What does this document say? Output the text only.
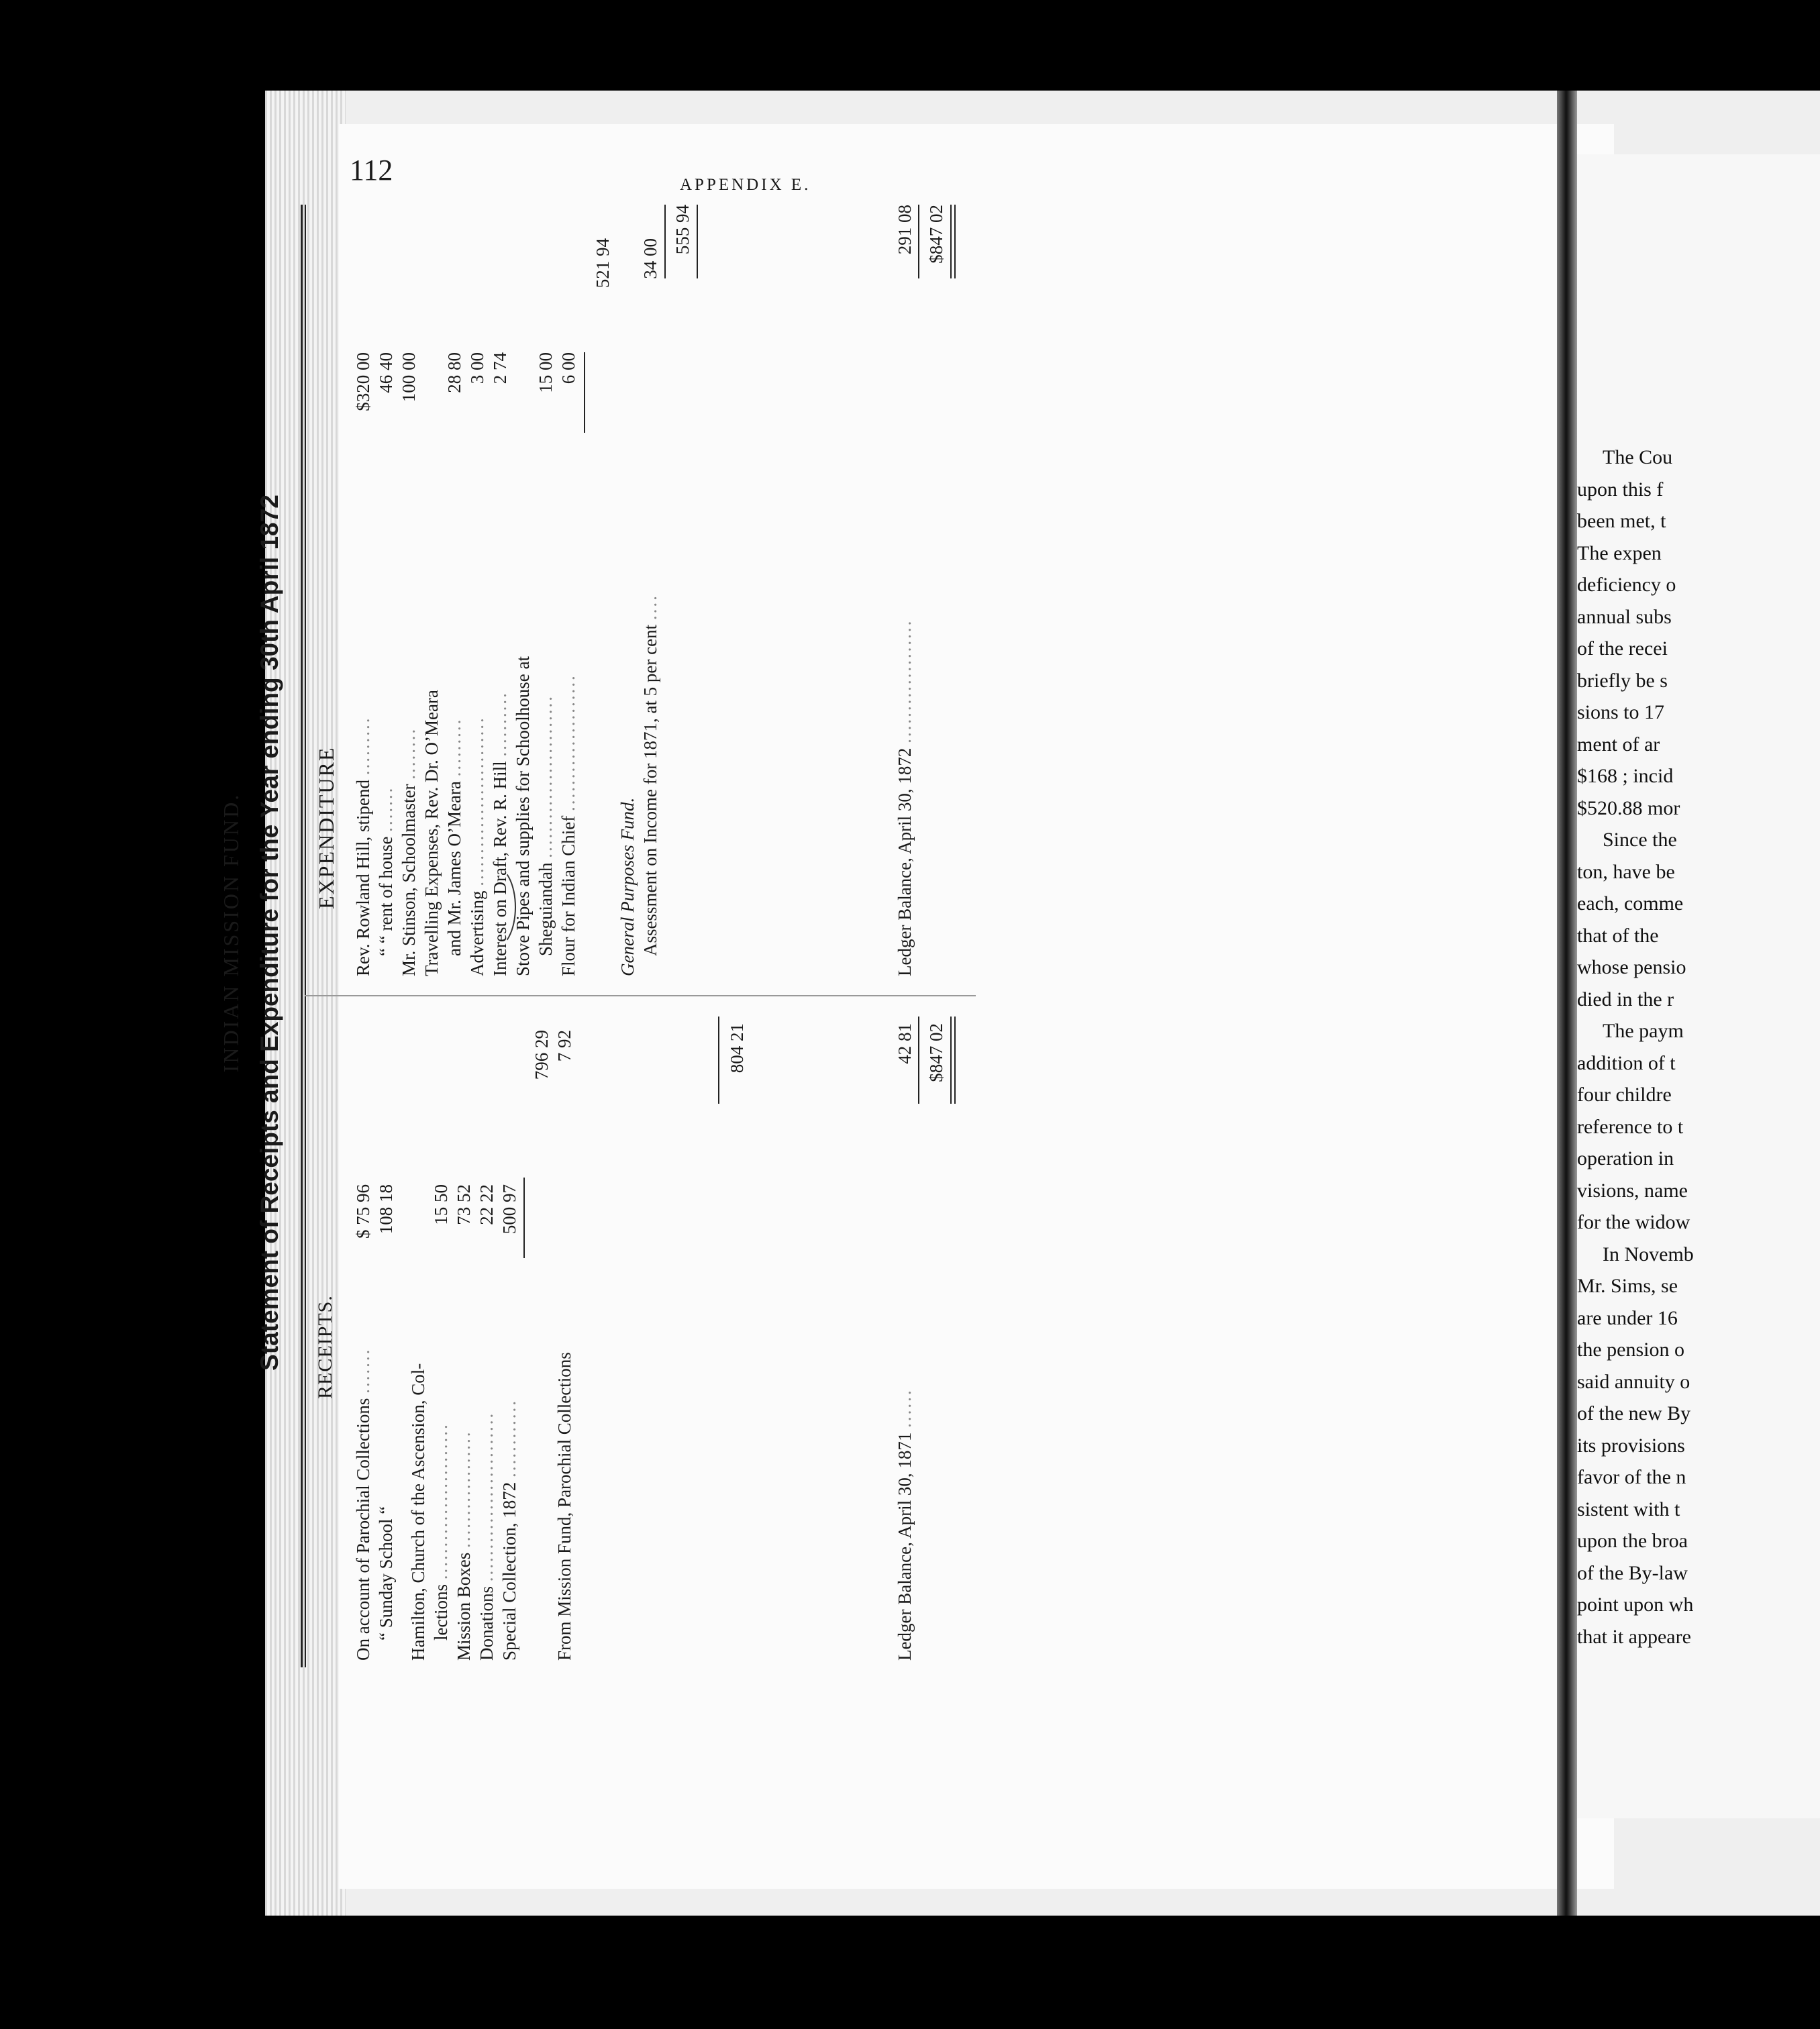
The Cou
upon this f
been met, t
The expen
deficiency o
annual subs
of the recei
briefly be s
sions to 17
ment of ar
$168 ; incid
$520.88 mor
Since the
ton, have be
each, comme
that of the
whose pensio
died in the r
The paym
addition of t
four childre
reference to t
operation in
visions, name
for the widow
In Novemb
Mr. Sims, se
are under 16
the pension o
said annuity o
of the new By
its provisions
favor of the n
sistent with t
upon the broa
of the By-law
point upon wh
that it appeare
112	APPENDIX E.
INDIAN MISSION FUND. Statement of Receipts and Expenditure for the Year ending 30th April 1872 RECEIPTS.
EXPENDITURE
On account of Parochial Collections .......
$ 75 96
“ Sunday School “
108 18
Hamilton, Church of the Ascension, Col- lections ........................
15 50
Mission Boxes ..................
73 52
Donations ..........................
22 22
Special Collection, 1872 ............
500 97
796 29
From Mission Fund, Parochial Collections
7 92	804 21
Ledger Balance, April 30, 1871 ......
42 81 $847 02
Rev. Rowland Hill, stipend .........
$320 00
“ “ rent of house .......
46 40
Mr. Stinson, Schoolmaster ........
100 00
Travelling Expenses, Rev. Dr. O’Meara and Mr. James O’Meara .........
28 80
Advertising ..........................
3 00
Interest on Draft, Rev. R. Hill ..........
2 74
Stove Pipes and supplies for Schoolhouse at Sheguiandah .........................
15 00
Flour for Indian Chief .....................
6 00
521 94
General Purposes Fund. Assessment on Income for 1871, at 5 per cent ....
34 00
555 94
Ledger Balance, April 30, 1872 ...................
291 08 $847 02
